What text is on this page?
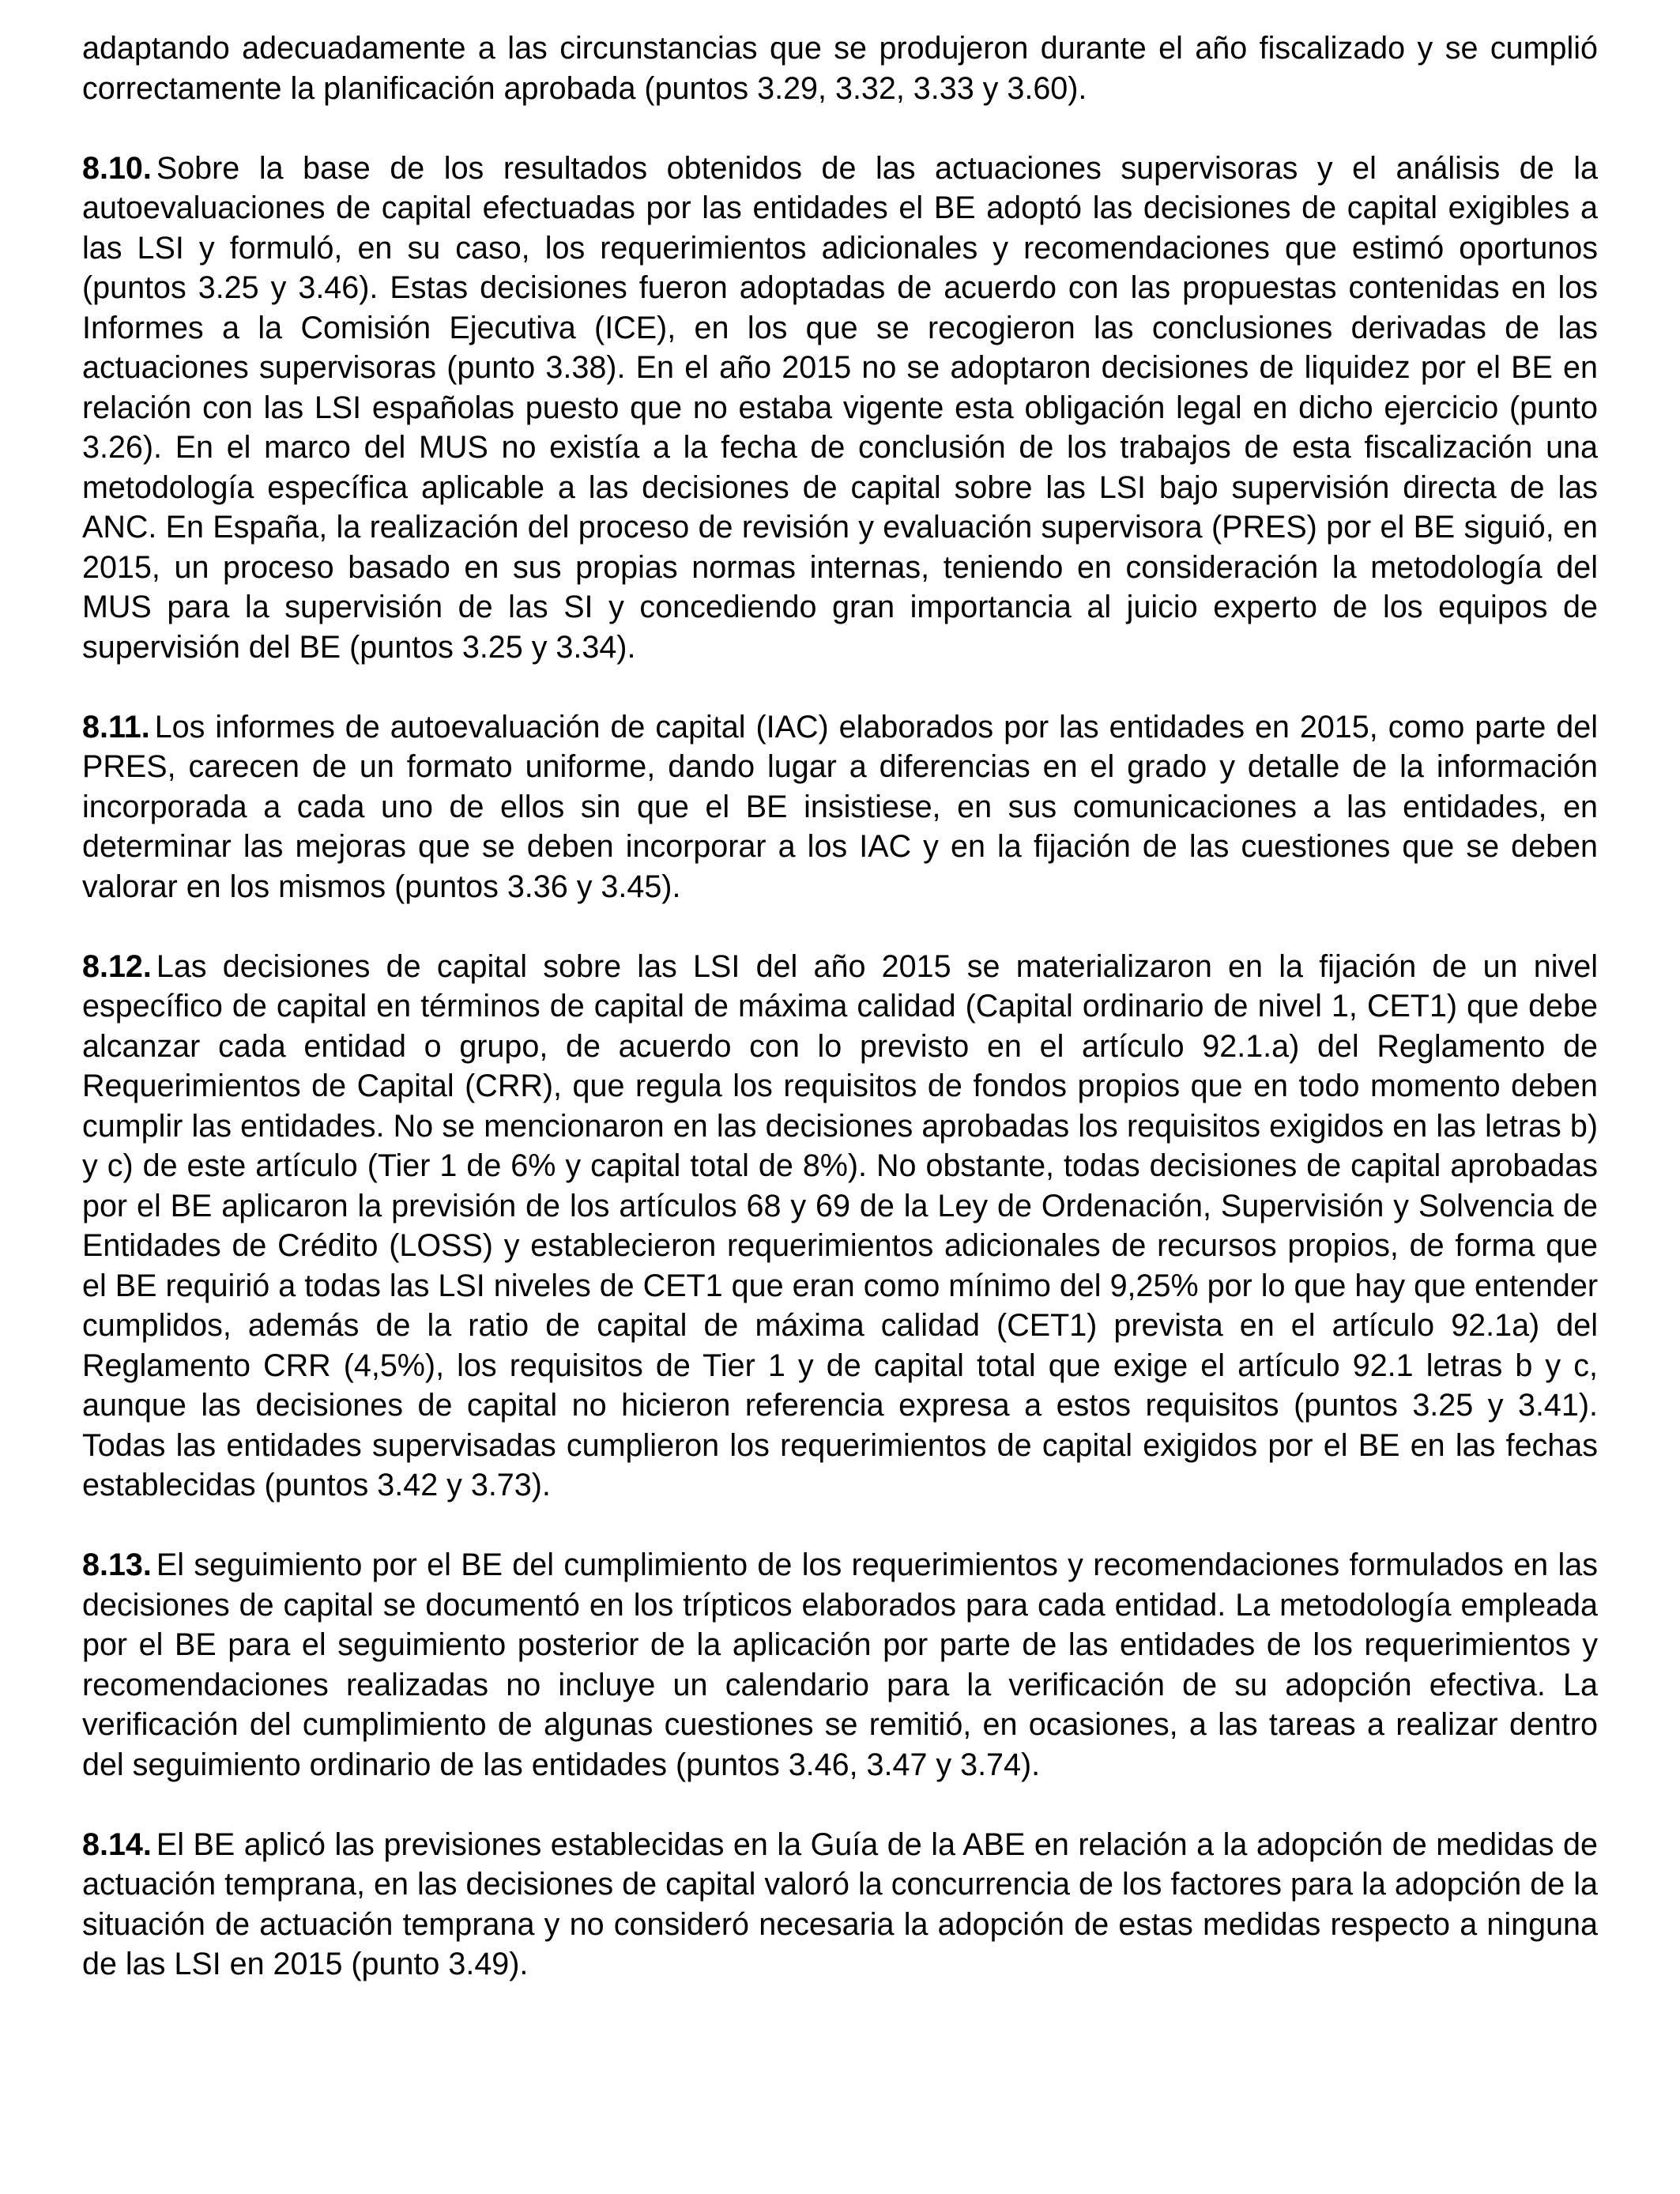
adaptando adecuadamente a las circunstancias que se produjeron durante el año fiscalizado y se cumplió correctamente la planificación aprobada (puntos 3.29, 3.32, 3.33 y 3.60).

8.10. Sobre la base de los resultados obtenidos de las actuaciones supervisoras y el análisis de la autoevaluaciones de capital efectuadas por las entidades el BE adoptó las decisiones de capital exigibles a las LSI y formuló, en su caso, los requerimientos adicionales y recomendaciones que estimó oportunos (puntos 3.25 y 3.46). Estas decisiones fueron adoptadas de acuerdo con las propuestas contenidas en los Informes a la Comisión Ejecutiva (ICE), en los que se recogieron las conclusiones derivadas de las actuaciones supervisoras (punto 3.38). En el año 2015 no se adoptaron decisiones de liquidez por el BE en relación con las LSI españolas puesto que no estaba vigente esta obligación legal en dicho ejercicio (punto 3.26). En el marco del MUS no existía a la fecha de conclusión de los trabajos de esta fiscalización una metodología específica aplicable a las decisiones de capital sobre las LSI bajo supervisión directa de las ANC. En España, la realización del proceso de revisión y evaluación supervisora (PRES) por el BE siguió, en 2015, un proceso basado en sus propias normas internas, teniendo en consideración la metodología del MUS para la supervisión de las SI y concediendo gran importancia al juicio experto de los equipos de supervisión del BE (puntos 3.25 y 3.34).

8.11. Los informes de autoevaluación de capital (IAC) elaborados por las entidades en 2015, como parte del PRES, carecen de un formato uniforme, dando lugar a diferencias en el grado y detalle de la información incorporada a cada uno de ellos sin que el BE insistiese, en sus comunicaciones a las entidades, en determinar las mejoras que se deben incorporar a los IAC y en la fijación de las cuestiones que se deben valorar en los mismos (puntos 3.36 y 3.45).

8.12. Las decisiones de capital sobre las LSI del año 2015 se materializaron en la fijación de un nivel específico de capital en términos de capital de máxima calidad (Capital ordinario de nivel 1, CET1) que debe alcanzar cada entidad o grupo, de acuerdo con lo previsto en el artículo 92.1.a) del Reglamento de Requerimientos de Capital (CRR), que regula los requisitos de fondos propios que en todo momento deben cumplir las entidades. No se mencionaron en las decisiones aprobadas los requisitos exigidos en las letras b) y c) de este artículo (Tier 1 de 6% y capital total de 8%). No obstante, todas decisiones de capital aprobadas por el BE aplicaron la previsión de los artículos 68 y 69 de la Ley de Ordenación, Supervisión y Solvencia de Entidades de Crédito (LOSS) y establecieron requerimientos adicionales de recursos propios, de forma que el BE requirió a todas las LSI niveles de CET1 que eran como mínimo del 9,25% por lo que hay que entender cumplidos, además de la ratio de capital de máxima calidad (CET1) prevista en el artículo 92.1a) del Reglamento CRR (4,5%), los requisitos de Tier 1 y de capital total que exige el artículo 92.1 letras b y c, aunque las decisiones de capital no hicieron referencia expresa a estos requisitos (puntos 3.25 y 3.41). Todas las entidades supervisadas cumplieron los requerimientos de capital exigidos por el BE en las fechas establecidas (puntos 3.42 y 3.73).

8.13. El seguimiento por el BE del cumplimiento de los requerimientos y recomendaciones formulados en las decisiones de capital se documentó en los trípticos elaborados para cada entidad. La metodología empleada por el BE para el seguimiento posterior de la aplicación por parte de las entidades de los requerimientos y recomendaciones realizadas no incluye un calendario para la verificación de su adopción efectiva. La verificación del cumplimiento de algunas cuestiones se remitió, en ocasiones, a las tareas a realizar dentro del seguimiento ordinario de las entidades (puntos 3.46, 3.47 y 3.74).

8.14. El BE aplicó las previsiones establecidas en la Guía de la ABE en relación a la adopción de medidas de actuación temprana, en las decisiones de capital valoró la concurrencia de los factores para la adopción de la situación de actuación temprana y no consideró necesaria la adopción de estas medidas respecto a ninguna de las LSI en 2015 (punto 3.49).
